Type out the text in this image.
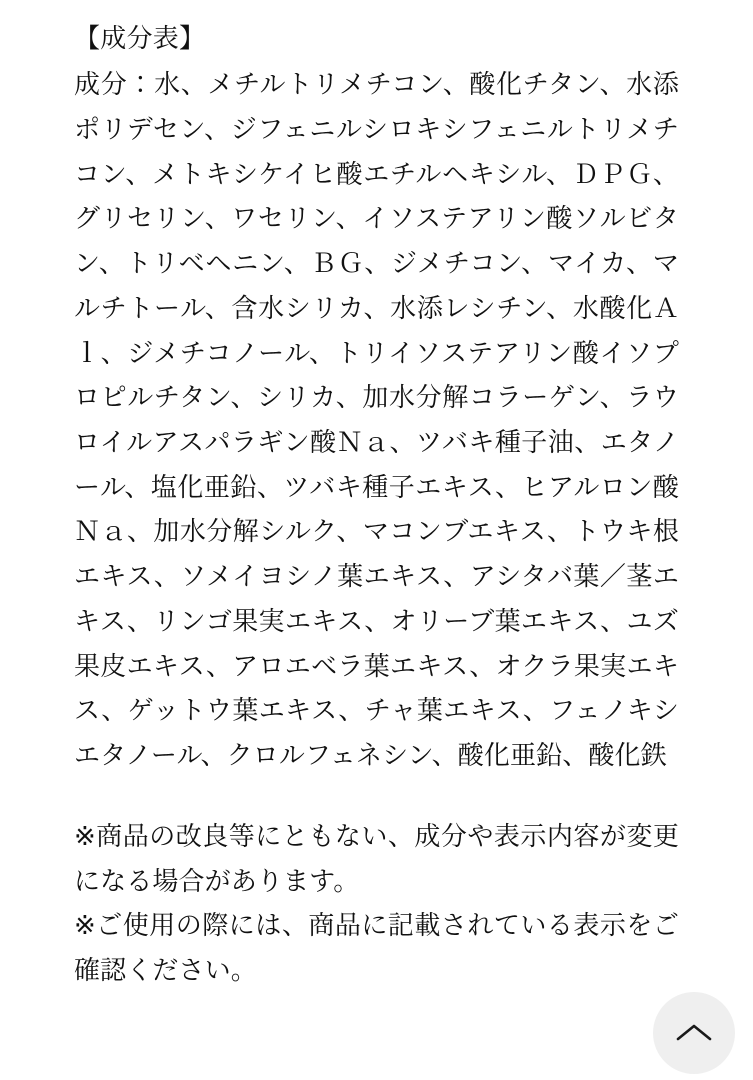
【成分表】

成分：水、メチルトリメチコン、酸化チタン、水添ポリデセン、ジフェニルシロキシフェニルトリメチコン、メトキシケイヒ酸エチルヘキシル、ＤＰＧ、グリセリン、ワセリン、イソステアリン酸ソルビタン、トリベヘニン、ＢＧ、ジメチコン、マイカ、マルチトール、含水シリカ、水添レシチン、水酸化Ａｌ、ジメチコノール、トリイソステアリン酸イソプロピルチタン、シリカ、加水分解コラーゲン、ラウロイルアスパラギン酸Ｎａ、ツバキ種子油、エタノール、塩化亜鉛、ツバキ種子エキス、ヒアルロン酸Ｎａ、加水分解シルク、マコンブエキス、トウキ根エキス、ソメイヨシノ葉エキス、アシタバ葉／茎エキス、リンゴ果実エキス、オリーブ葉エキス、ユズ果皮エキス、アロエベラ葉エキス、オクラ果実エキス、ゲットウ葉エキス、チャ葉エキス、フェノキシエタノール、クロルフェネシン、酸化亜鉛、酸化鉄

※商品の改良等にともない、成分や表示内容が変更になる場合があります。

※ご使用の際には、商品に記載されている表示をご確認ください。
